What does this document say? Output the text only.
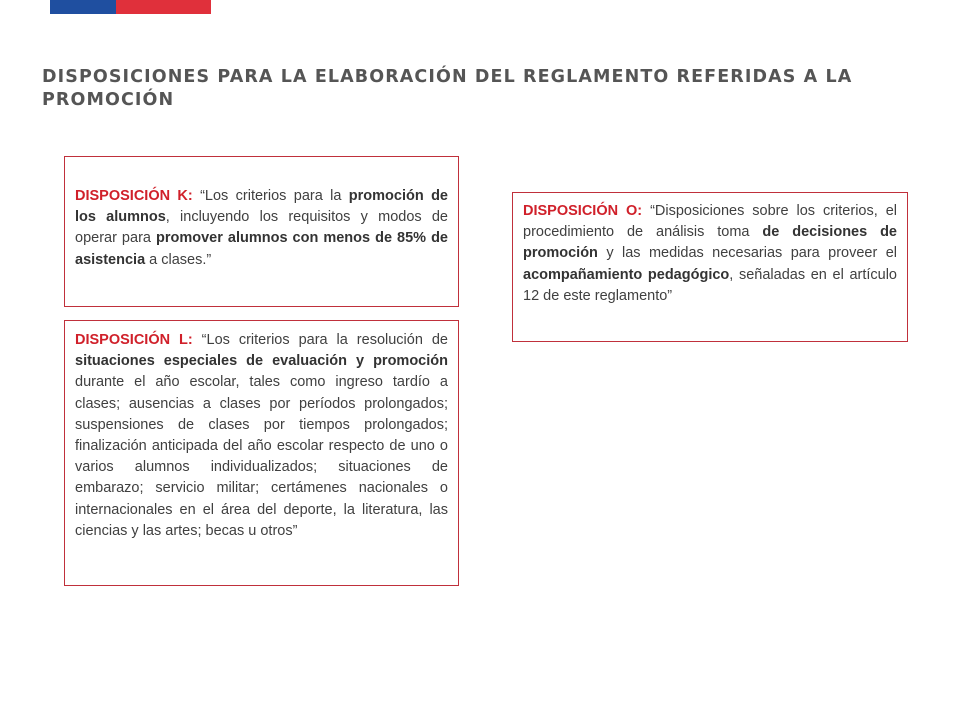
DISPOSICIONES PARA LA ELABORACIÓN DEL REGLAMENTO REFERIDAS A LA PROMOCIÓN

DISPOSICIÓN K: “Los criterios para la promoción de los alumnos, incluyendo los requisitos y modos de operar para promover alumnos con menos de 85% de asistencia a clases.”

DISPOSICIÓN L: “Los criterios para la resolución de situaciones especiales de evaluación y promoción durante el año escolar, tales como ingreso tardío a clases; ausencias a clases por períodos prolongados; suspensiones de clases por tiempos prolongados; finalización anticipada del año escolar respecto de uno o varios alumnos individualizados; situaciones de embarazo; servicio militar; certámenes nacionales o internacionales en el área del deporte, la literatura, las ciencias y las artes; becas u otros”

DISPOSICIÓN O: “Disposiciones sobre los criterios, el procedimiento de análisis toma de decisiones de promoción y las medidas necesarias para proveer el acompañamiento pedagógico, señaladas en el artículo 12 de este reglamento”
